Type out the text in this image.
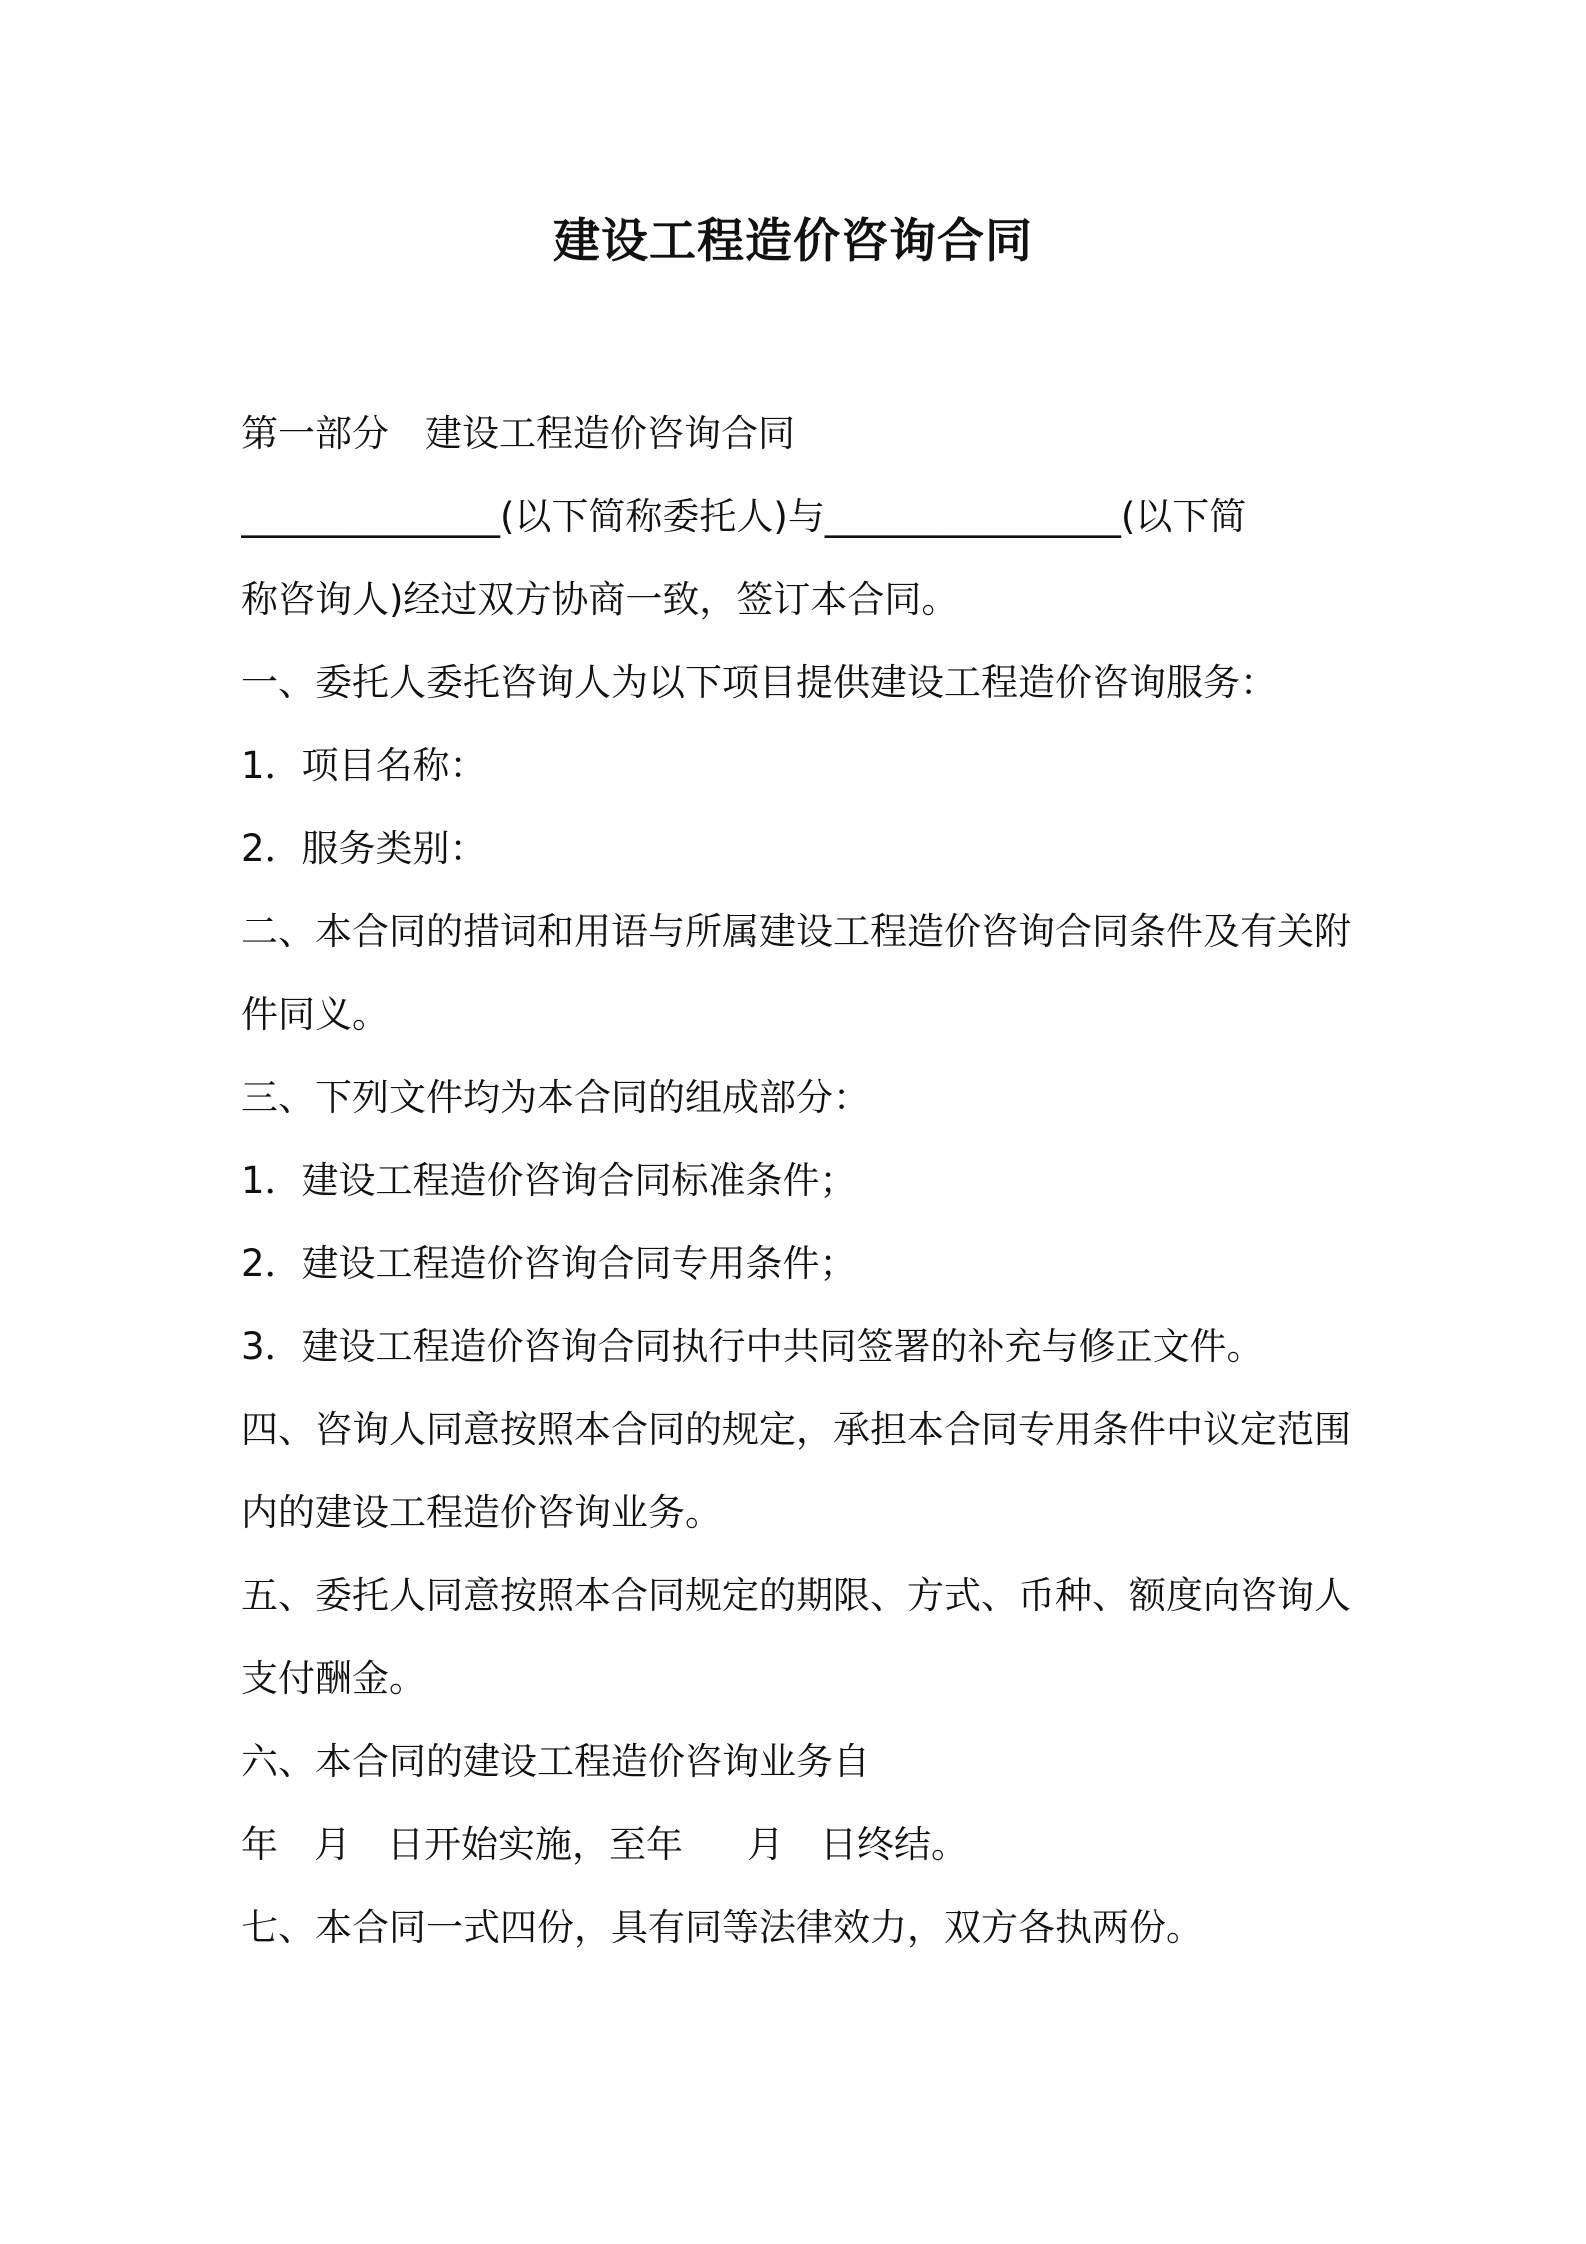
建设工程造价咨询合同
第一部分 建设工程造价咨询合同
______________(以下简称委托人)与________________(以下简
称咨询人)经过双方协商一致，签订本合同。
一、委托人委托咨询人为以下项目提供建设工程造价咨询服务：
1．项目名称：
2．服务类别：
二、本合同的措词和用语与所属建设工程造价咨询合同条件及有关附
件同义。
三、下列文件均为本合同的组成部分：
1．建设工程造价咨询合同标准条件；
2．建设工程造价咨询合同专用条件；
3．建设工程造价咨询合同执行中共同签署的补充与修正文件。
四、咨询人同意按照本合同的规定，承担本合同专用条件中议定范围
内的建设工程造价咨询业务。
五、委托人同意按照本合同规定的期限、方式、币种、额度向咨询人
支付酬金。
六、本合同的建设工程造价咨询业务自
年 月 日开始实施，至年 月 日终结。
七、本合同一式四份，具有同等法律效力，双方各执两份。
